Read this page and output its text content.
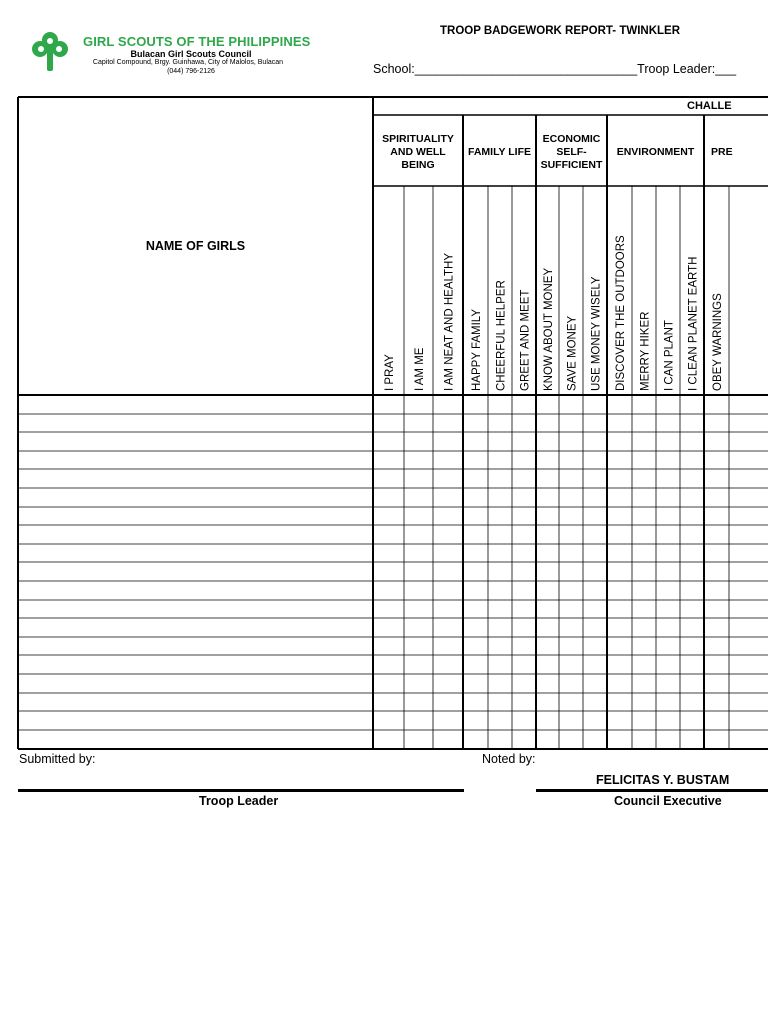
GIRL SCOUTS OF THE PHILIPPINES
Bulacan Girl Scouts Council
Capitol Compound, Brgy. Guinhawa, City of Malolos, Bulacan
(044) 796-2126
TROOP BADGEWORK REPORT- TWINKLER
School:________________________________Troop Leader:___
NAME OF GIRLS
CHALLE
SPIRITUALITY
AND WELL
BEING
I PRAY I AM ME I AM NEAT AND HEALTHY
FAMILY LIFE
HAPPY FAMILY CHEERFUL HELPER GREET AND MEET
ECONOMIC
SELF-
SUFFICIENT
KNOW ABOUT MONEY SAVE MONEY USE MONEY WISELY
ENVIRONMENT
DISCOVER THE OUTDOORS MERRY HIKER I CAN PLANT I CLEAN PLANET EARTH
PRE
OBEY WARNINGS
Submitted by:	Noted by:
FELICITAS Y. BUSTAM
Troop Leader	Council Executive
